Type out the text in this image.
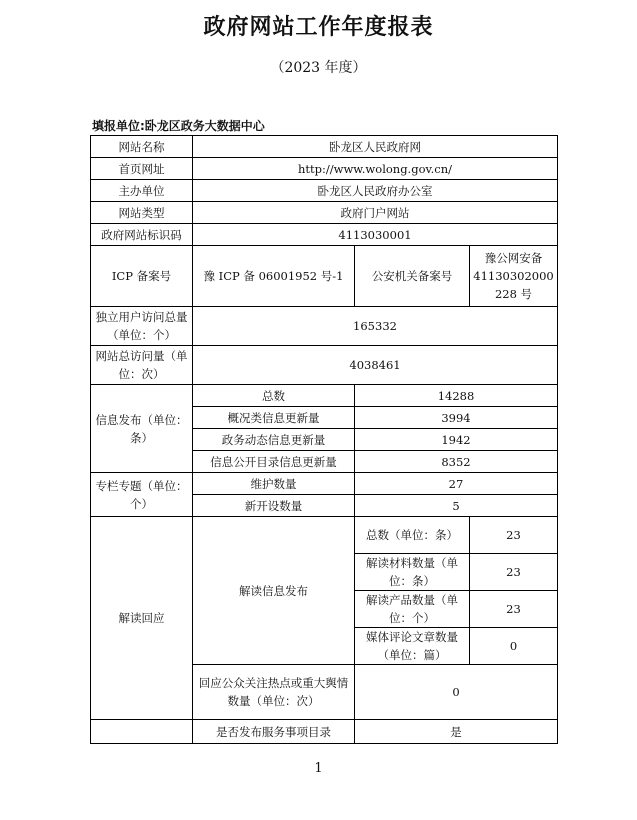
政府网站工作年度报表
（2023 年度）
填报单位:卧龙区政务大数据中心
网站名称	卧龙区人民政府网		
首页网址	http://www.wolong.gov.cn/		
主办单位	卧龙区人民政府办公室		
网站类型	政府门户网站		
政府网站标识码	4113030001		
ICP 备案号	豫 ICP 备 06001952 号-1	公安机关备案号	豫公网安备 41130302000 228 号
独立用户访问总量（单位：个）	165332		
网站总访问量（单位：次）	4038461		
信息发布（单位：条）	总数	14288	
	概况类信息更新量	3994	
	政务动态信息更新量	1942	
	信息公开目录信息更新量	8352	
专栏专题（单位：个）	维护数量	27	
	新开设数量	5	
解读回应	解读信息发布	总数（单位：条）	23
		解读材料数量（单位：条）	23
		解读产品数量（单位：个）	23
		媒体评论文章数量（单位：篇）	0
	回应公众关注热点或重大舆情数量（单位：次）	0	
	是否发布服务事项目录	是	
1
